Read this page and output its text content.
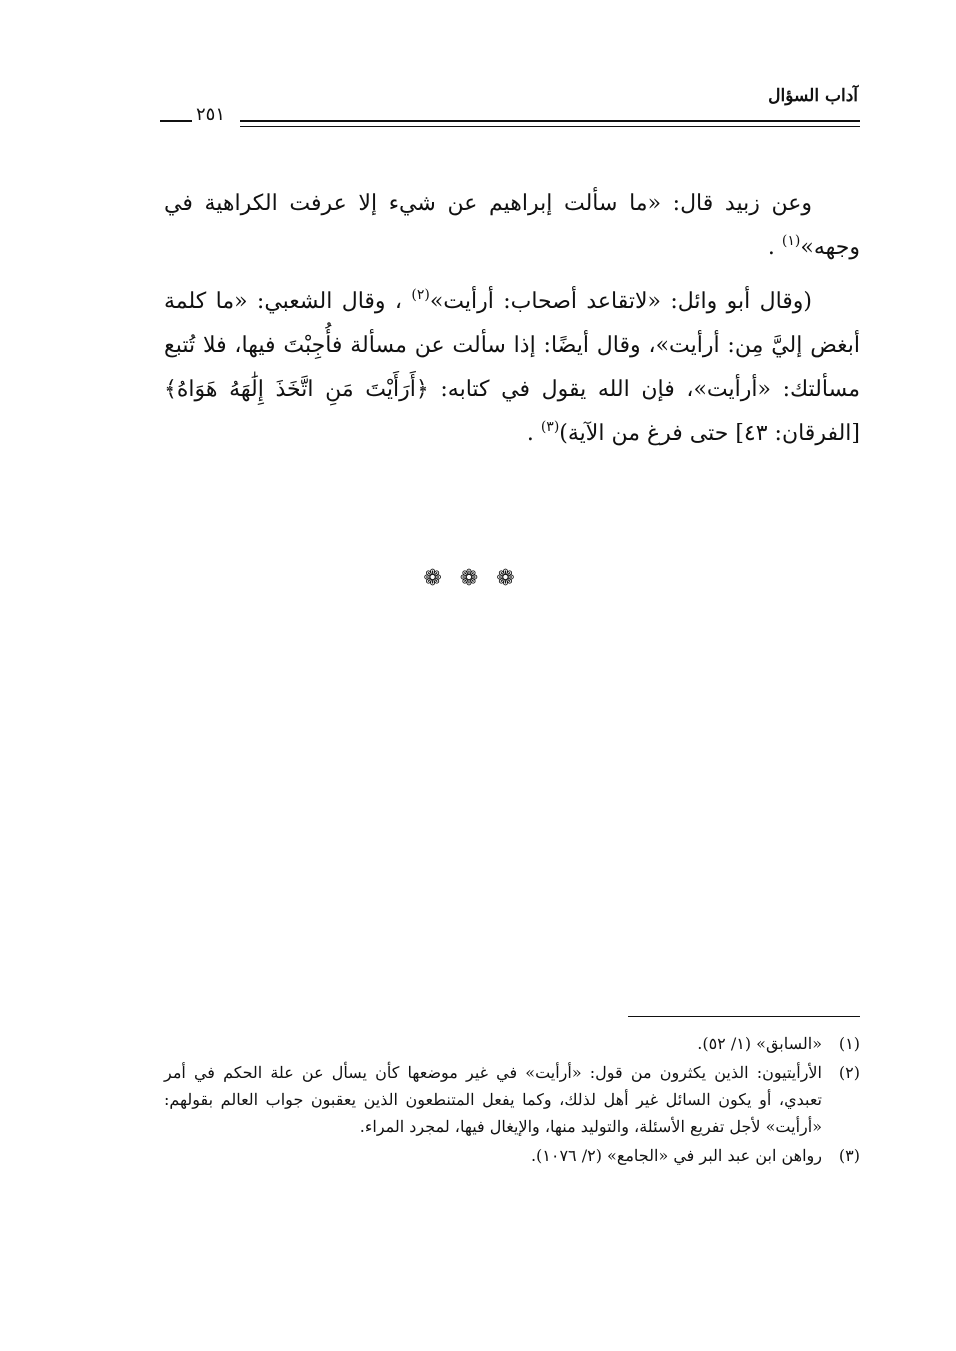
آداب السؤال
٢٥١

وعن زبيد قال: «ما سألت إبراهيم عن شيء إلا عرفت الكراهية في وجهه»$^{(١)}$ .

(وقال أبو وائل: «لاتقاعد أصحاب: أرأيت»$^{(٢)}$ ، وقال الشعبي: «ما كلمة أبغض إليَّ مِن: أرأيت»، وقال أيضًا: إذا سألت عن مسألة فأُجِبْتَ فيها، فلا تُتبع مسألتك: «أرأيت»، فإن الله يقول في كتابه: ﴿أَرَأَيْتَ مَنِ اتَّخَذَ إِلَٰهَهُ هَوَاهُ﴾ [الفرقان: ٤٣] حتى فرغ من الآية)$^{(٣)}$ .

❁❁❁
(١)
«السابق» (١/ ٥٢).
(٢)
الأرأيتيون: الذين يكثرون من قول: «أرأيت» في غير موضعها كأن يسأل عن علة الحكم في أمر تعبدي، أو يكون السائل غير أهل لذلك، وكما يفعل المتنطعون الذين يعقبون جواب العالم بقولهم: «أرأيت» لأجل تفريع الأسئلة، والتوليد منها، والإيغال فيها، لمجرد المراء.
(٣)
رواهن ابن عبد البر في «الجامع» (٢/ ١٠٧٦).
